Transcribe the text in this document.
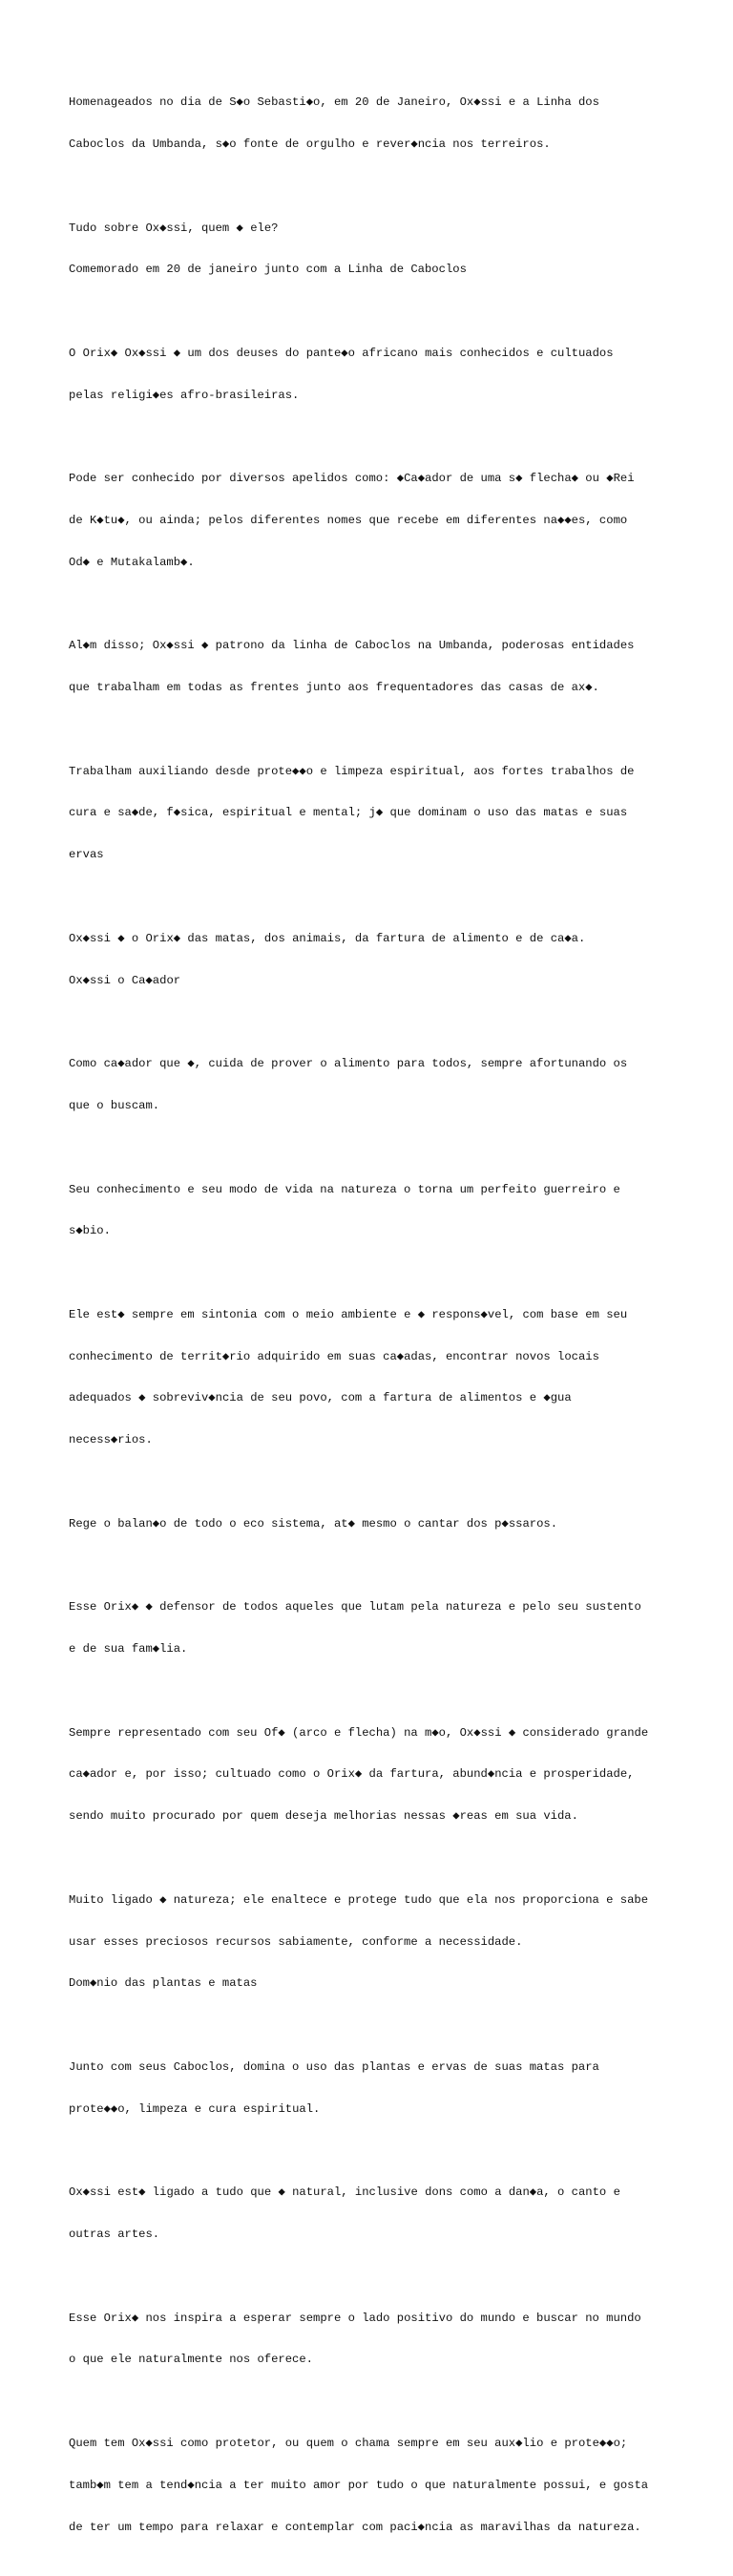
Homenageados no dia de S◆o Sebasti◆o, em 20 de Janeiro, Ox◆ssi e a Linha dos

Caboclos da Umbanda, s◆o fonte de orgulho e rever◆ncia nos terreiros.

Tudo sobre Ox◆ssi, quem ◆ ele?

Comemorado em 20 de janeiro junto com a Linha de Caboclos

O Orix◆ Ox◆ssi ◆ um dos deuses do pante◆o africano mais conhecidos e cultuados

pelas religi◆es afro-brasileiras.

Pode ser conhecido por diversos apelidos como: ◆Ca◆ador de uma s◆ flecha◆ ou ◆Rei

de K◆tu◆, ou ainda; pelos diferentes nomes que recebe em diferentes na◆◆es, como

Od◆ e Mutakalamb◆.

Al◆m disso; Ox◆ssi ◆ patrono da linha de Caboclos na Umbanda, poderosas entidades

que trabalham em todas as frentes junto aos frequentadores das casas de ax◆.

Trabalham auxiliando desde prote◆◆o e limpeza espiritual, aos fortes trabalhos de

cura e sa◆de, f◆sica, espiritual e mental; j◆ que dominam o uso das matas e suas

ervas

Ox◆ssi ◆ o Orix◆ das matas, dos animais, da fartura de alimento e de ca◆a.

Ox◆ssi o Ca◆ador

Como ca◆ador que ◆, cuida de prover o alimento para todos, sempre afortunando os

que o buscam.

Seu conhecimento e seu modo de vida na natureza o torna um perfeito guerreiro e

s◆bio.

Ele est◆ sempre em sintonia com o meio ambiente e ◆ respons◆vel, com base em seu

conhecimento de territ◆rio adquirido em suas ca◆adas, encontrar novos locais

adequados ◆ sobreviv◆ncia de seu povo, com a fartura de alimentos e ◆gua

necess◆rios.

Rege o balan◆o de todo o eco sistema, at◆ mesmo o cantar dos p◆ssaros.

Esse Orix◆ ◆ defensor de todos aqueles que lutam pela natureza e pelo seu sustento

e de sua fam◆lia.

Sempre representado com seu Of◆ (arco e flecha) na m◆o, Ox◆ssi ◆ considerado grande

ca◆ador e, por isso; cultuado como o Orix◆ da fartura, abund◆ncia e prosperidade,

sendo muito procurado por quem deseja melhorias nessas ◆reas em sua vida.

Muito ligado ◆ natureza; ele enaltece e protege tudo que ela nos proporciona e sabe

usar esses preciosos recursos sabiamente, conforme a necessidade.

Dom◆nio das plantas e matas

Junto com seus Caboclos, domina o uso das plantas e ervas de suas matas para

prote◆◆o, limpeza e cura espiritual.

Ox◆ssi est◆ ligado a tudo que ◆ natural, inclusive dons como a dan◆a, o canto e

outras artes.

Esse Orix◆ nos inspira a esperar sempre o lado positivo do mundo e buscar no mundo

o que ele naturalmente nos oferece.

Quem tem Ox◆ssi como protetor, ou quem o chama sempre em seu aux◆lio e prote◆◆o;

tamb◆m tem a tend◆ncia a ter muito amor por tudo o que naturalmente possui, e gosta

de ter um tempo para relaxar e contemplar com paci◆ncia as maravilhas da natureza.
